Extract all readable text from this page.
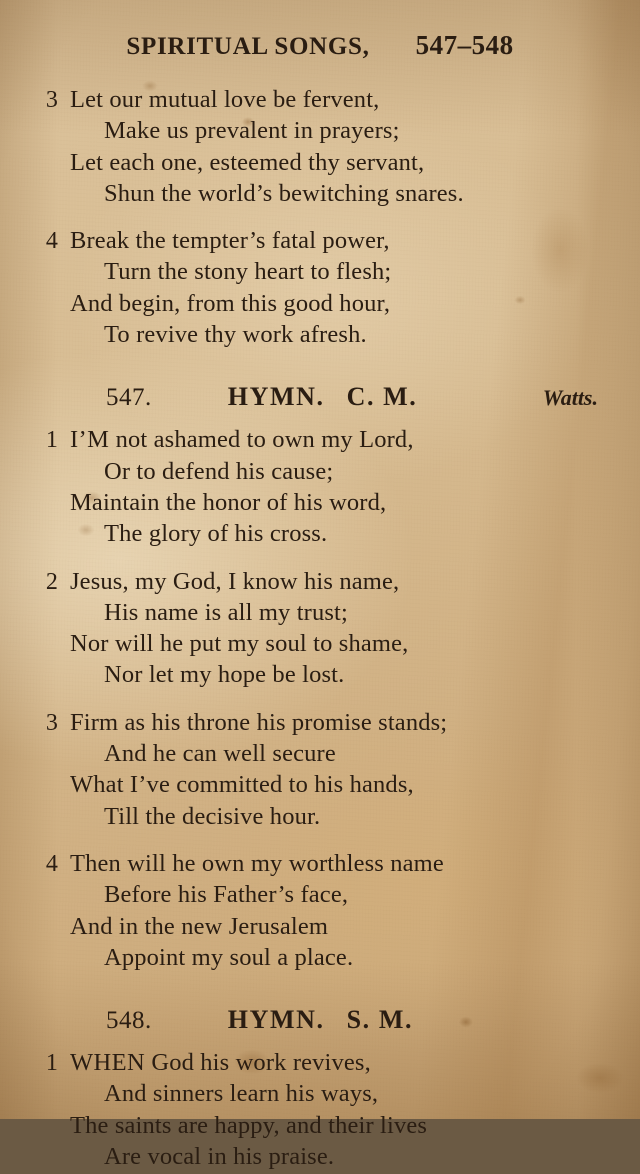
SPIRITUAL SONGS, 547–548
3 Let our mutual love be fervent,
Make us prevalent in prayers;
Let each one, esteemed thy servant,
Shun the world’s bewitching snares.
4 Break the tempter’s fatal power,
Turn the stony heart to flesh;
And begin, from this good hour,
To revive thy work afresh.
547.	HYMN. C. M.	Watts.
1 I’M not ashamed to own my Lord,
Or to defend his cause;
Maintain the honor of his word,
The glory of his cross.
2 Jesus, my God, I know his name,
His name is all my trust;
Nor will he put my soul to shame,
Nor let my hope be lost.
3 Firm as his throne his promise stands;
And he can well secure
What I’ve committed to his hands,
Till the decisive hour.
4 Then will he own my worthless name
Before his Father’s face,
And in the new Jerusalem
Appoint my soul a place.
548.	HYMN. S. M.
1 WHEN God his work revives,
And sinners learn his ways,
The saints are happy, and their lives
Are vocal in his praise.
